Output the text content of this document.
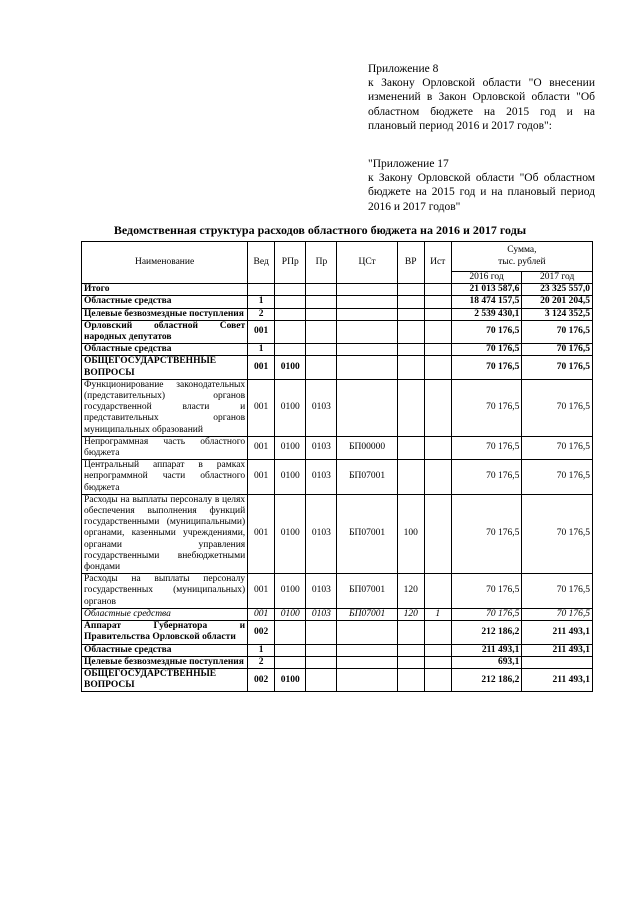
Приложение 8

к Закону Орловской области "О внесении изменений в Закон Орловской области "Об областном бюджете на 2015 год и на плановый период 2016 и 2017 годов":

"Приложение 17

к Закону Орловской области "Об областном бюджете на 2015 год и на плановый период 2016 и 2017 годов"

Ведомственная структура расходов областного бюджета на 2016 и 2017 годы
Наименование	Вед	РПр	Пр	ЦСт	ВР	Ист	Сумма,
тыс. рублей	
							2016 год	2017 год
Итого							21 013 587,6	23 325 557,0
Областные средства	1						18 474 157,5	20 201 204,5
Целевые безвозмездные поступления	2						2 539 430,1	3 124 352,5
Орловский областной Совет народных депутатов	001						70 176,5	70 176,5
Областные средства	1						70 176,5	70 176,5
ОБЩЕГОСУДАРСТВЕННЫЕ ВОПРОСЫ	001	0100					70 176,5	70 176,5
Функционирование законодательных (представительных) органов государственной власти и представительных органов муниципальных образований	001	0100	0103				70 176,5	70 176,5
Непрограммная часть областного бюджета	001	0100	0103	БП00000			70 176,5	70 176,5
Центральный аппарат в рамках непрограммной части областного бюджета	001	0100	0103	БП07001			70 176,5	70 176,5
Расходы на выплаты персоналу в целях обеспечения выполнения функций государственными (муниципальными) органами, казенными учреждениями, органами управления государственными внебюджетными фондами	001	0100	0103	БП07001	100		70 176,5	70 176,5
Расходы на выплаты персоналу государственных (муниципальных) органов	001	0100	0103	БП07001	120		70 176,5	70 176,5
Областные средства	001	0100	0103	БП07001	120	1	70 176,5	70 176,5
Аппарат Губернатора и Правительства Орловской области	002						212 186,2	211 493,1
Областные средства	1						211 493,1	211 493,1
Целевые безвозмездные поступления	2						693,1	
ОБЩЕГОСУДАРСТВЕННЫЕ ВОПРОСЫ	002	0100					212 186,2	211 493,1
